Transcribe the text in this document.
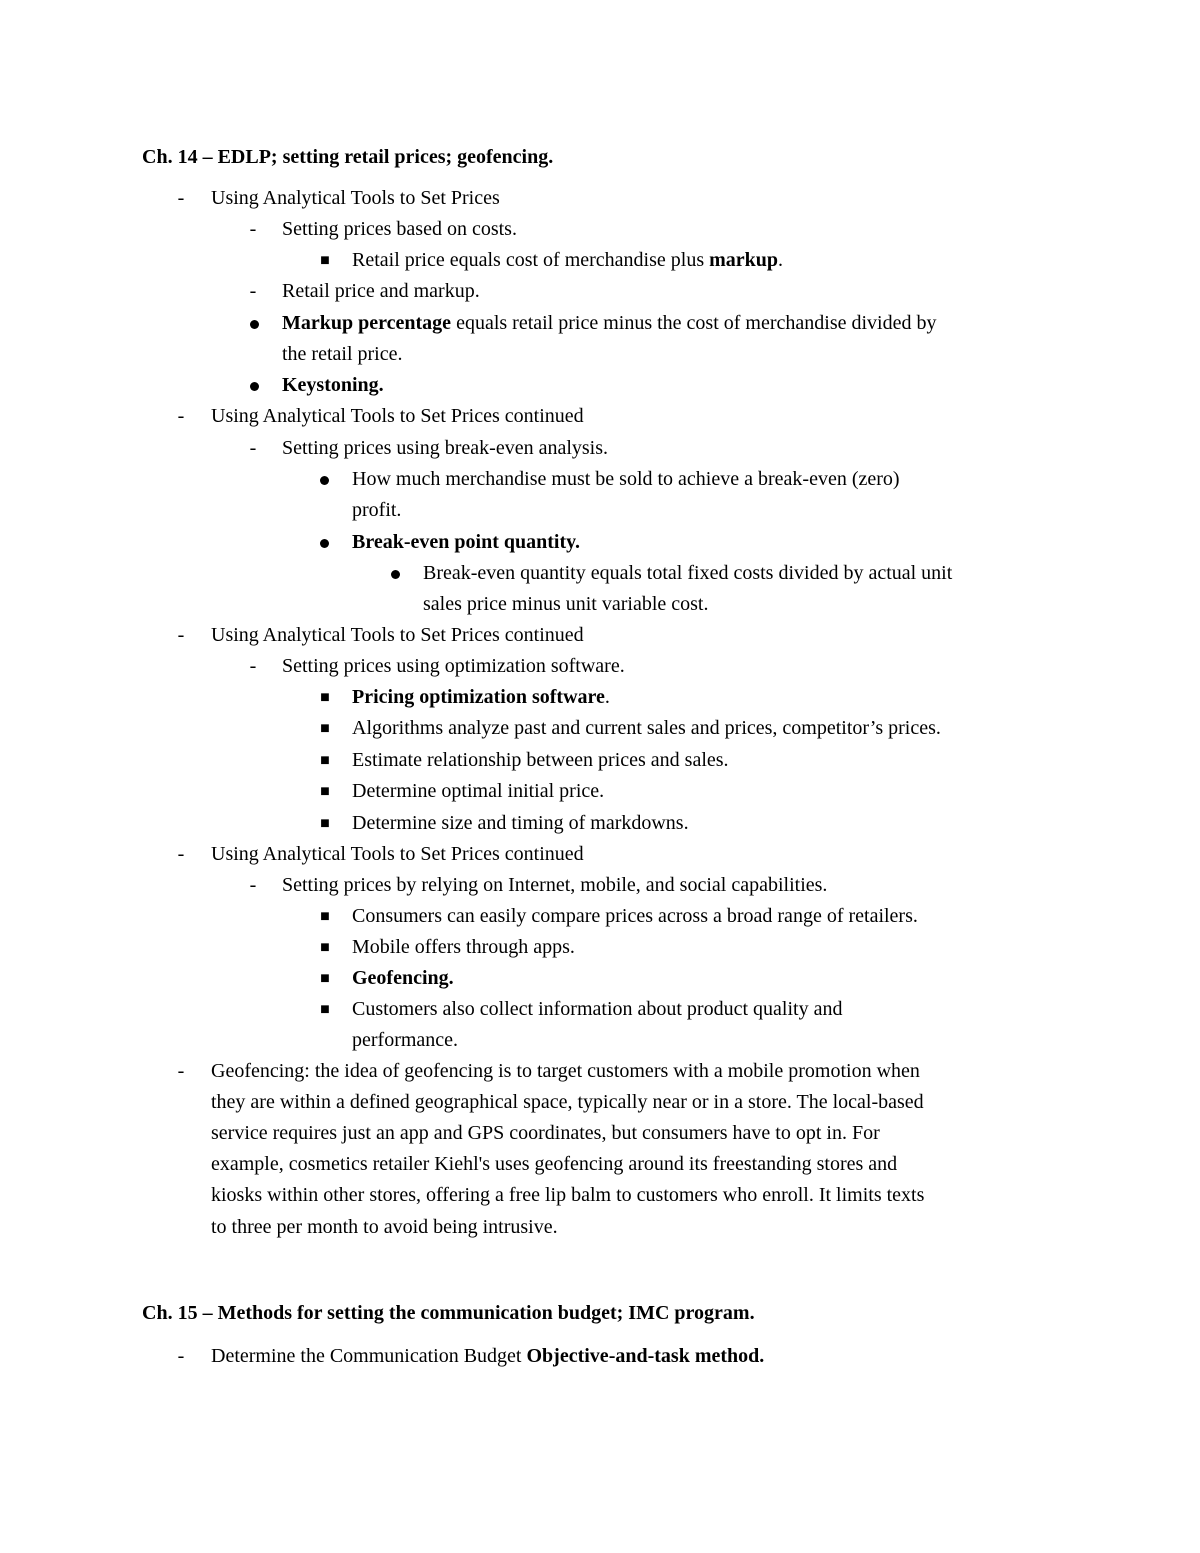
Ch. 14 – EDLP; setting retail prices; geofencing.
-	Using Analytical Tools to Set Prices
-	Setting prices based on costs.
■ Retail price equals cost of merchandise plus markup.
-	Retail price and markup.
Markup percentage equals retail price minus the cost of merchandise divided by
the retail price.
Keystoning.
-	Using Analytical Tools to Set Prices continued
-	Setting prices using break-even analysis.
How much merchandise must be sold to achieve a break-even (zero)
profit.
Break-even point quantity.
Break-even quantity equals total fixed costs divided by actual unit
sales price minus unit variable cost.
-	Using Analytical Tools to Set Prices continued
-	Setting prices using optimization software.
■ Pricing optimization software.
■ Algorithms analyze past and current sales and prices, competitor’s prices.
■ Estimate relationship between prices and sales.
■ Determine optimal initial price.
■ Determine size and timing of markdowns.
-	Using Analytical Tools to Set Prices continued
-	Setting prices by relying on Internet, mobile, and social capabilities.
■ Consumers can easily compare prices across a broad range of retailers.
■ Mobile offers through apps.
■ Geofencing.
■ Customers also collect information about product quality and
performance.
-	Geofencing: the idea of geofencing is to target customers with a mobile promotion when
they are within a defined geographical space, typically near or in a store. The local-based
service requires just an app and GPS coordinates, but consumers have to opt in. For
example, cosmetics retailer Kiehl's uses geofencing around its freestanding stores and
kiosks within other stores, offering a free lip balm to customers who enroll. It limits texts
to three per month to avoid being intrusive.
Ch. 15 – Methods for setting the communication budget; IMC program.
-	Determine the Communication Budget Objective-and-task method.
